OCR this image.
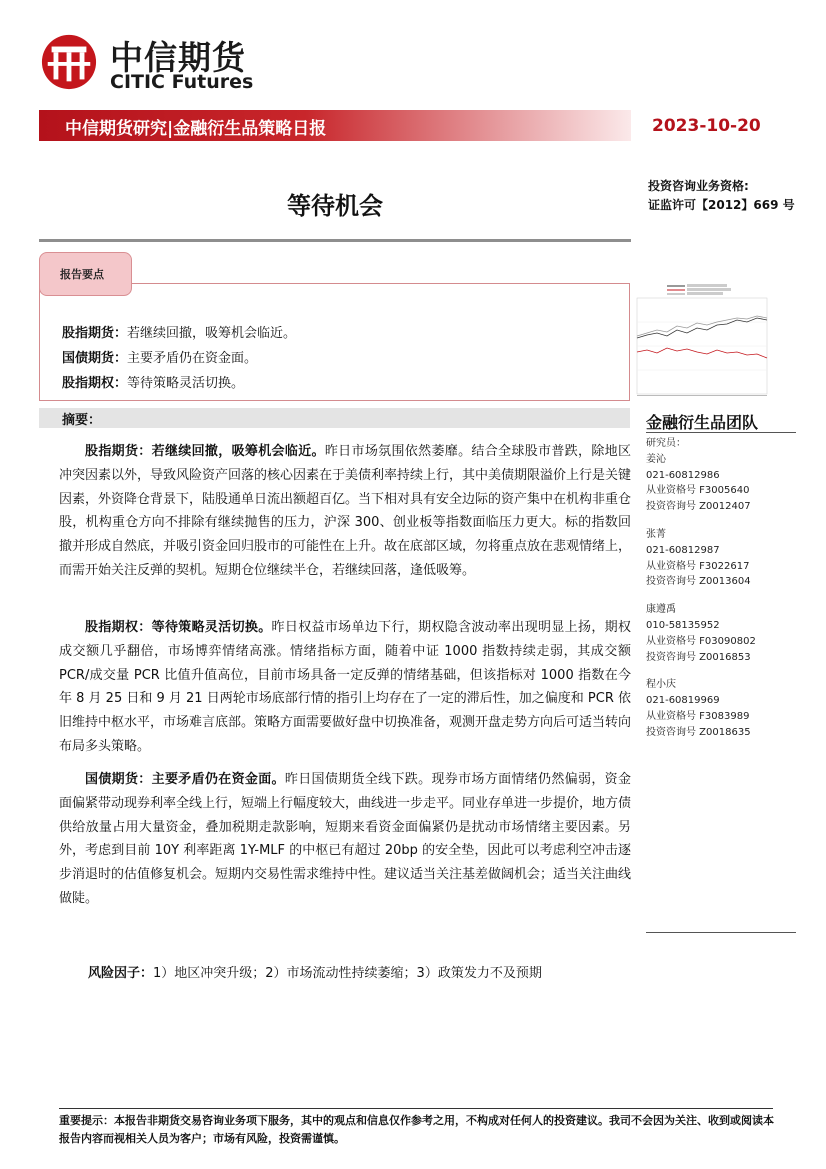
中信期货
CITIC Futures
中信期货研究|金融衍生品策略日报	2023-10-20
等待机会
投资咨询业务资格:
证监许可【2012】669 号
报告要点
股指期货：若继续回撤，吸筹机会临近。
国债期货：主要矛盾仍在资金面。
股指期权：等待策略灵活切换。
摘要：

股指期货：若继续回撤，吸筹机会临近。昨日市场氛围依然萎靡。结合全球股市普跌，除地区冲突因素以外，导致风险资产回落的核心因素在于美债利率持续上行，其中美债期限溢价上行是关键因素，外资降仓背景下，陆股通单日流出额超百亿。当下相对具有安全边际的资产集中在机构非重仓股，机构重仓方向不排除有继续抛售的压力，沪深 300、创业板等指数面临压力更大。标的指数回撤并形成自然底，并吸引资金回归股市的可能性在上升。故在底部区域，勿将重点放在悲观情绪上，而需开始关注反弹的契机。短期仓位继续半仓，若继续回落，逢低吸筹。

股指期权：等待策略灵活切换。昨日权益市场单边下行，期权隐含波动率出现明显上扬，期权成交额几乎翻倍，市场博弈情绪高涨。情绪指标方面，随着中证 1000 指数持续走弱，其成交额 PCR/成交量 PCR 比值升值高位，目前市场具备一定反弹的情绪基础，但该指标对 1000 指数在今年 8 月 25 日和 9 月 21 日两轮市场底部行情的指引上均存在了一定的滞后性，加之偏度和 PCR 依旧维持中枢水平，市场难言底部。策略方面需要做好盘中切换准备，观测开盘走势方向后可适当转向布局多头策略。

国债期货：主要矛盾仍在资金面。昨日国债期货全线下跌。现券市场方面情绪仍然偏弱，资金面偏紧带动现券利率全线上行，短端上行幅度较大，曲线进一步走平。同业存单进一步提价，地方债供给放量占用大量资金，叠加税期走款影响，短期来看资金面偏紧仍是扰动市场情绪主要因素。另外，考虑到目前 10Y 利率距离 1Y-MLF 的中枢已有超过 20bp 的安全垫，因此可以考虑利空冲击逐步消退时的估值修复机会。短期内交易性需求维持中性。建议适当关注基差做阔机会；适当关注曲线做陡。

风险因子：1）地区冲突升级；2）市场流动性持续萎缩；3）政策发力不及预期
金融衍生品团队
研究员：
姜沁
021-60812986
从业资格号 F3005640
投资咨询号 Z0012407
张菁
021-60812987
从业资格号 F3022617
投资咨询号 Z0013604
康遵禹
010-58135952
从业资格号 F03090802
投资咨询号 Z0016853
程小庆
021-60819969
从业资格号 F3083989
投资咨询号 Z0018635
重要提示：本报告非期货交易咨询业务项下服务，其中的观点和信息仅作参考之用，不构成对任何人的投资建议。我司不会因为关注、收到或阅读本报告内容而视相关人员为客户；市场有风险，投资需谨慎。
